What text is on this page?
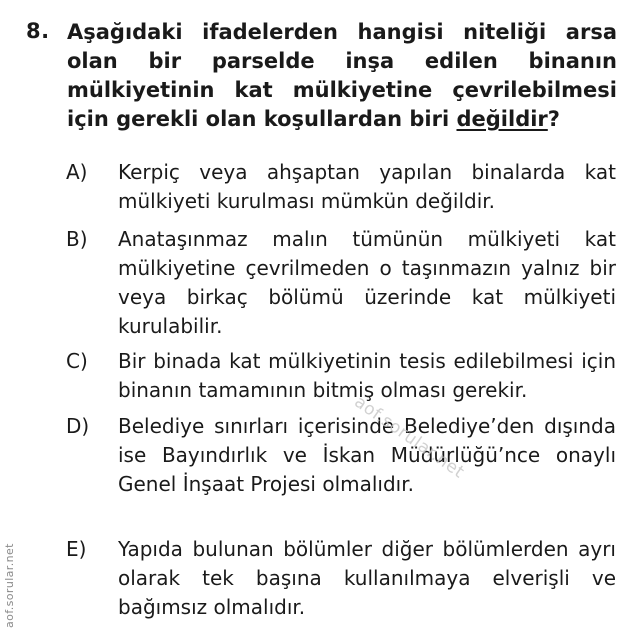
8. Aşağıdaki ifadelerden hangisi niteliği arsa olan bir parselde inşa edilen binanın mülkiyetinin kat mülkiyetine çevrilebilmesi için gerekli olan koşullardan biri değildir?
A) Kerpiç veya ahşaptan yapılan binalarda kat mülkiyeti kurulması mümkün değildir.
B) Anataşınmaz malın tümünün mülkiyeti kat mülkiyetine çevrilmeden o taşınmazın yalnız bir veya birkaç bölümü üzerinde kat mülkiyeti kurulabilir.
C) Bir binada kat mülkiyetinin tesis edilebilmesi için binanın tamamının bitmiş olması gerekir.
D) Belediye sınırları içerisinde Belediye’den dışında ise Bayındırlık ve İskan Müdürlüğü’nce onaylı Genel İnşaat Projesi olmalıdır.
E) Yapıda bulunan bölümler diğer bölümlerden ayrı olarak tek başına kullanılmaya elverişli ve bağımsız olmalıdır.
aof.sorular.net
aof.sorular.net
